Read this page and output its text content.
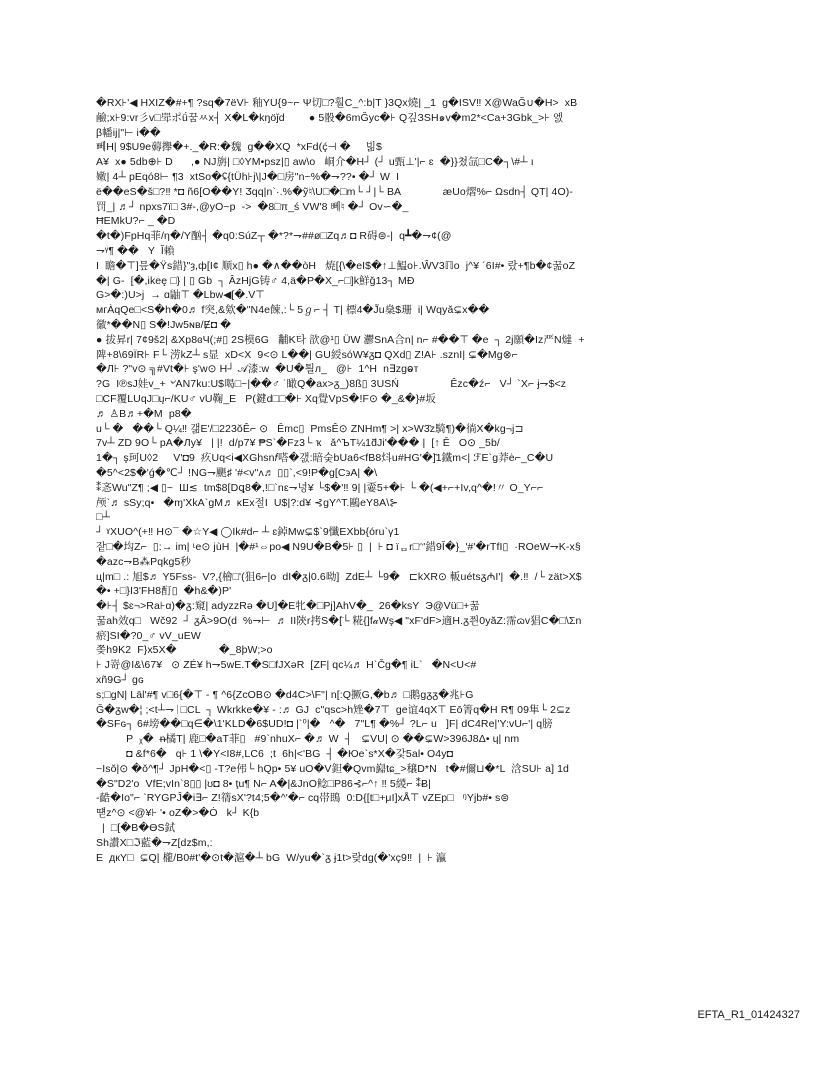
�RX⊦'◀ HXIZ�#+¶ ?sq�7ëV⊦ 釉YU{9~⌐ Ψ切□?훨C_^:b|T }3Qx燒| _1  g�ISV‼ X@WaĞ∪�H>  xB
鹼;x⊦9:vr彡v□斝ポǘ꿈ㅆx┤ X�L�kŋöǰd        ● 5骰�6mĞyc�⊦ Q깊ЗSH๑v�m2*<Ca+3Gbk_>⊦ 엜
β幡ij|"⊢ i��
뻬H| 9$U9e薅攑�+._�R:�魏  g��XQ  *xFd(ḉ⊣ �     빎$
A¥  x● 5db⊕⊦ D      ,● NJ旃| □◊YM•psz|▯ aw\o   峒介�H┘ (┘ u甄⊥'|⌐ ɛ  �}}쳤氙□C�┐\#┴ ı
嫩| 4┴ pEqó8⊢ ¶3  xtSo�ʢ{tÜh⊦j\|J�□房"n~%�⇁??• �┘ W  I
ë��eS�š□?‼ *◘ ñ6[O��Y! Ӡqq|n`·.%�ỹ♮\U□�□m└ ┘|└ BA              æUo熠%⌐ Ωsdn┤ QT| 4O)-
罚_| ♬┘ npxs7ï□ 3#-,@yO~p  ->  �8□π_ś VW'8 뻬♮ �┘ Ov∽�_
ĦEMkU?⌐ _ �D
�t�)FpHq菲/η�/Y酗┤ �q0:SúZ┬ �*?*⇁##ø□Zq♬◘ R碍⊜-|  q┻�⇁¢(@
⇁ᵞ¶ ��   Y  Ĭ賴
I  瞻�⊤]믚�Ÿs錯}"ȝ,ф[I¢ 顺x▯ h● �∧��òH   焼[{\�eI$�↑⊥鰛o⊦.ŴV3ℿo  j^¥ ´6I#• 랐+¶b�¢꿂oZ
�| G-  [�,ikeę □} | ▯ Gb  ┐ ÂzHjG铸♂ 4,ä�P�X_⌐□]k鮮ǧ13┐ MĐ
G>�:)U>j  → ɑ鼬⊤ �Lbw◀[�.V⊤
мгÀqQe□<S�h�0♬ f突,&欸�"N4e餗,:└ 5ℊ⌐ ┤ T| 標4�J̃u燊$珊  i| Wqyǎ⊊x��
徽*��N▯ S�!Jw5ɴв/Ɇ◘ �
● 拔昇r| 7¢9š2| &Xp8ɞЧ(;#▯ 2S模6G   黼K타 歆@¹▯ ÜW 灪SnA合n| n⌐ #��⊤ �e  ┐ 2j願�Iz严N燵  +
陴+8\69ÏR⊦ F└ 涝kZ┴ s显  xD<X  9<⊙ L��| GU綬sóW¥ᵹ◘ QXd▯ Z!A⊦ .sznI| ⊊�Mg⊗⌐
�Л⊦ ?"v⊙ ╗#Vt�⊦ ş'w⊙ H┘ 𝒜漆:w  �U�틜л_   @⊦  1^H  n∃zgⱺт
?G  I℗sJ娃v_+ ৺AN7ku:U$喝□~|��♂ ˙瞰Q�ax>ᵹ_)8ß▯ 3USŃ                 Êzc�ź⌐   V┘ `X⌐ ɉ⇁$<z
□CF覆LUqJ□ų⌐/KU♂ vU鞠_E   P(鍵d□□�⊦ Xq覺VpS�!F⊙ �_&�}#坂
♬ ♙B♬+�M  p8�
u└ �   ��└ Q¼‼ 갦E'/□223ŏÊ⌐ ⊙   Ȇmc▯  PmsÊ⊙ ZNHm¶ >| x>W3̆z騎¶)�徜X�kg¬j⊐
7v┴ ZD 9O└ pA�Лy¥   | |!  d/p7¥ ₱S`�Fz3└ ҡ   ǎ^ЪT¼1d̃Ji'��� |  [↑ Ē   O⊙ _5b/
1�┐ ş珂U◊2     V'◘9  疚Uq<i◀XGhsn𝑓嗒�갨:暗숮bUa6<fB8炓u#HG'�]̄1鐵m<| ℱE`g莽ė⌐_C�U
�5^<2$�'ǵ�℃┘ !NG⇁颶♯ '#<v"ʌ♬ ▯▯`,<9!P�g[C϶A| �\
⁑忞Wu"Z¶ ;◀ ▯~  Ш≲  tm$8[Dꝗ8�,!□`nԑ⇁녕¥ └$�'‼ 9| |嫑5+�⊦ └ �(◀+⌐+Iv,q^�!〃 O_Y⌐⌐
颅`♬ sSy;q•   �ɱ'XkA`gM♬ κEx절I  U$|?:d¥ ⊰gY^T.鷗eY8A\⊱
□┴
┘ ˠXUO^(+‼ H⊙¯ �☆Y◀ ◯Ik#d⌐ ┴ ɛ鋽Mw⊊$`9懺EXbb{óru`γ1
잩□�㘬Z⌐  ▯:→ im| ᶫe⊙ jùH  |�#¹⇔po◀ N9U�B�5⊦ ▯  |  ⊦ ◘ ïᆷr□ᵔ'錯9Ĭ�}_'#'�rTfI▯  ·ROeW⇁K-x§
�azc⇁B⁂Pqkg5秒
ц|m□ .: 旭$♬ Y5Fss-  V?,{檜□'(狙6⌐|o  dI�ᵹ|0.6呦]  ZdE┴ └9�   ⊏kXR⊙ 䡊uétsᵹ₼I'|  �.‼  /└ zät>X$
�• +□}I3'FH8酊▯  �h&�)P'
�⊦┤ $ɛ¬>Ra⊦ɑ)�ᵹ:窺| adyzzRə �U]�E牝�□Pj]AhV�_  26�ksY  Э@Vü□+꿂
꿂ah效q□   Wč92  ┘ ᵹÂ>9O(d  %⇁⊢  ♬ II陝r拷S�[̈└ 糀{]f𝒶Wş◀ "xF'dF>適H.ᵹ쯴0yăZ:霈ɷv猖C�□\Σn
瘀]SI�?0_♂ vV_uEW
쫒h9K2  F}x5X�              �_8þW;>o
⊦ J嵜@I&\67¥   ⊙ ZÉ¥ h⇁5wE.T�S□fJXəR  [ZF| qc¼♬ H`Čg�¶ iL`   �N<U<#
xñ9G┘ gɢ
s;□gN| Lāl'#¶ v□6{�⊤ - ¶ ^6{ZcOB⊙ �d4C>\F"| n[:Q撅G,�b♬ □鹅gᵹᵹ�兆⊦G
Ğ�ᵹᴡ�¦ ;<t┴⇁ᛁ□CL  ┐ Wkrkke�¥ - :♬ GJ  c"qsc>h矬�7⊤  ge谊4qX⊤ Eō箐q�H R¶ 09隼└ 2⊆z
�SFɢ┐ 6#塝��□q∈�\1'KLD�6$UD!◘ |`⁰|�   ^�   7"L¶ �%┘ ?L⌐ u   ]F| dC4Re|'Y:vU⌐'| q膀
P  ᵪ�  ᵰ橘T| 鹿□�aT菲▯   #9`nhuX⌐ �♬ W  ┤   ⊊VU| ⊙ ��⊊W>396J8Δ• ɥ| nm
◘ &f*6�   q⊦ 1 \�Y<I8#,LC6  ;t  6h|<'BG  ┤ �Юe`s*X�갗5al• O4y◘
~Isǒ|⊙ �ǒ^¶┘ JpH�<▯ -T?e伄└ hQp• 5¥ uO�V鉭�Qvm巋tɕ_>穣D*N   t�#儞⊔�*L  浛SU⊦ a] 1d
�S"D2'o  VfE;vIn`8▯▯ |ʊ◘ 8• ţu¶ N⌐ A�|&JnO鲶□P86⊰⌐^↑ ‼ 5緵⌐ ⁑Ƀ|
-䶜�Io"⌐ `RYGPĴ�i∃⌐ Z!篟sX'?t4;5�^'�⌐ cq帯鵖  0:D{[t□+μI]xÅ⊤ vZEp□   ᵑYjb#• s⊜
떋z^⊙ <@¥⊦ '• oZ�>�Ȯ   k┘ K{b
|  □[�B�ӨS鉽
Sh讚X□ℑ藍�⇁Z[dz$m,:
E  дкY□  ⊊Q| 櫳/B0#t'�⊙t�滬�┴ bG  W/yu�`ᵹ ɉ1t>랒dg(�'xç9‼  |  ⊦ 瀛
EFTA_R1_01424327
